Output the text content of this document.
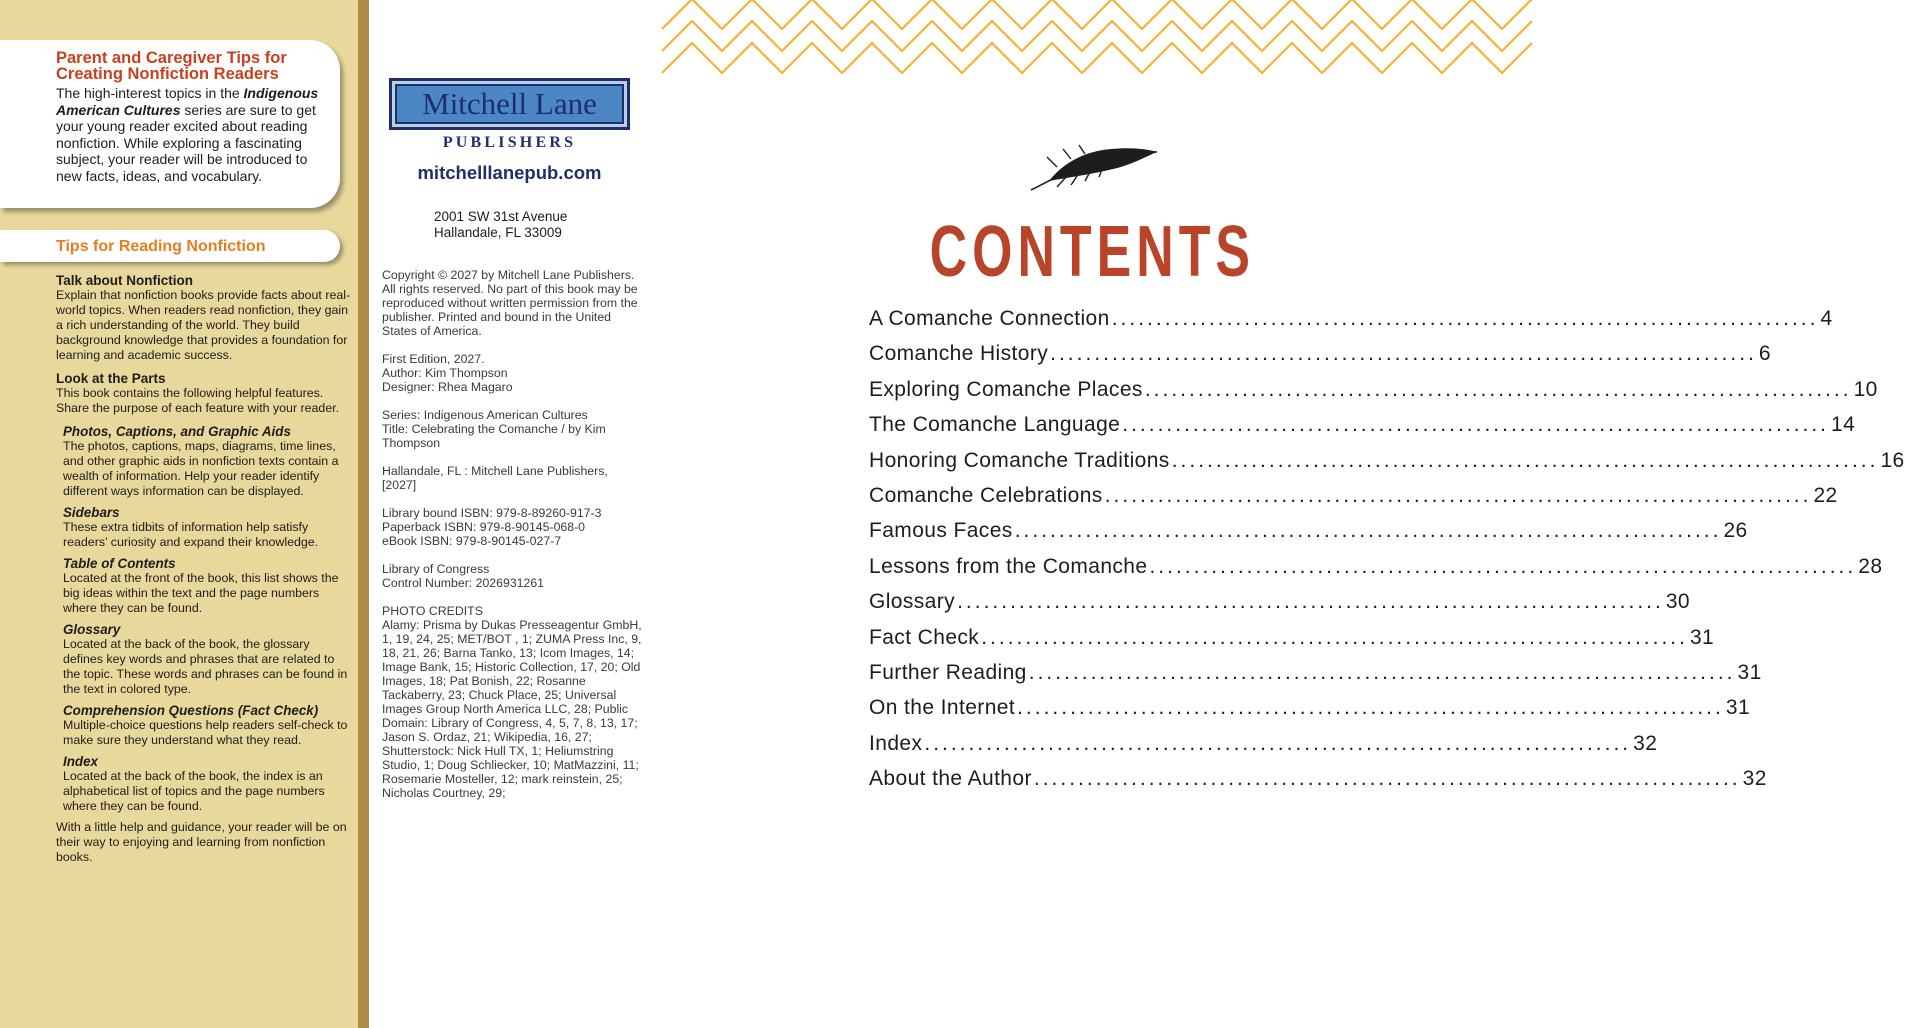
Parent and Caregiver Tips for Creating Nonfiction Readers

The high-interest topics in the Indigenous American Cultures series are sure to get your young reader excited about reading nonfiction. While exploring a fascinating subject, your reader will be introduced to new facts, ideas, and vocabulary.

Tips for Reading Nonfiction

Talk about Nonfiction

Explain that nonfiction books provide facts about real-world topics. When readers read nonfiction, they gain a rich understanding of the world. They build background knowledge that provides a foundation for learning and academic success.

Look at the Parts

This book contains the following helpful features. Share the purpose of each feature with your reader.

Photos, Captions, and Graphic Aids

The photos, captions, maps, diagrams, time lines, and other graphic aids in nonfiction texts contain a wealth of information. Help your reader identify different ways information can be displayed.

Sidebars

These extra tidbits of information help satisfy readers’ curiosity and expand their knowledge.

Table of Contents

Located at the front of the book, this list shows the big ideas within the text and the page numbers where they can be found.

Glossary

Located at the back of the book, the glossary defines key words and phrases that are related to the topic. These words and phrases can be found in the text in colored type.

Comprehension Questions (Fact Check)

Multiple-choice questions help readers self-check to make sure they understand what they read.

Index

Located at the back of the book, the index is an alphabetical list of topics and the page numbers where they can be found.

With a little help and guidance, your reader will be on their way to enjoying and learning from nonfiction books.

Mitchell Lane
PUBLISHERS
mitchelllanepub.com
2001 SW 31st Avenue
Hallandale, FL 33009

Copyright © 2027 by Mitchell Lane Publishers. All rights reserved. No part of this book may be reproduced without written permission from the publisher. Printed and bound in the United States of America.

First Edition, 2027.
Author: Kim Thompson
Designer: Rhea Magaro

Series: Indigenous American Cultures
Title: Celebrating the Comanche / by Kim Thompson

Hallandale, FL : Mitchell Lane Publishers, [2027]

Library bound ISBN: 979-8-89260-917-3
Paperback ISBN: 979-8-90145-068-0
eBook ISBN: 979-8-90145-027-7

Library of Congress
Control Number: 2026931261

PHOTO CREDITS
Alamy: Prisma by Dukas Presseagentur GmbH, 1, 19, 24, 25; MET/BOT , 1; ZUMA Press Inc, 9, 18, 21, 26; Barna Tanko, 13; Icom Images, 14; Image Bank, 15; Historic Collection, 17, 20; Old Images, 18; Pat Bonish, 22; Rosanne Tackaberry, 23; Chuck Place, 25; Universal Images Group North America LLC, 28; Public Domain: Library of Congress, 4, 5, 7, 8, 13, 17; Jason S. Ordaz, 21; Wikipedia, 16, 27; Shutterstock: Nick Hull TX, 1; Heliumstring Studio, 1; Doug Schliecker, 10; MatMazzini, 11; Rosemarie Mosteller, 12; mark reinstein, 25; Nicholas Courtney, 29;

CONTENTS
A Comanche Connection ................................................................................ 4
Comanche History ................................................................................ 6
Exploring Comanche Places ................................................................................ 10
The Comanche Language ................................................................................ 14
Honoring Comanche Traditions ................................................................................ 16
Comanche Celebrations ................................................................................ 22
Famous Faces ................................................................................ 26
Lessons from the Comanche ................................................................................ 28
Glossary ................................................................................ 30
Fact Check ................................................................................ 31
Further Reading ................................................................................ 31
On the Internet ................................................................................ 31
Index ................................................................................ 32
About the Author ................................................................................ 32
